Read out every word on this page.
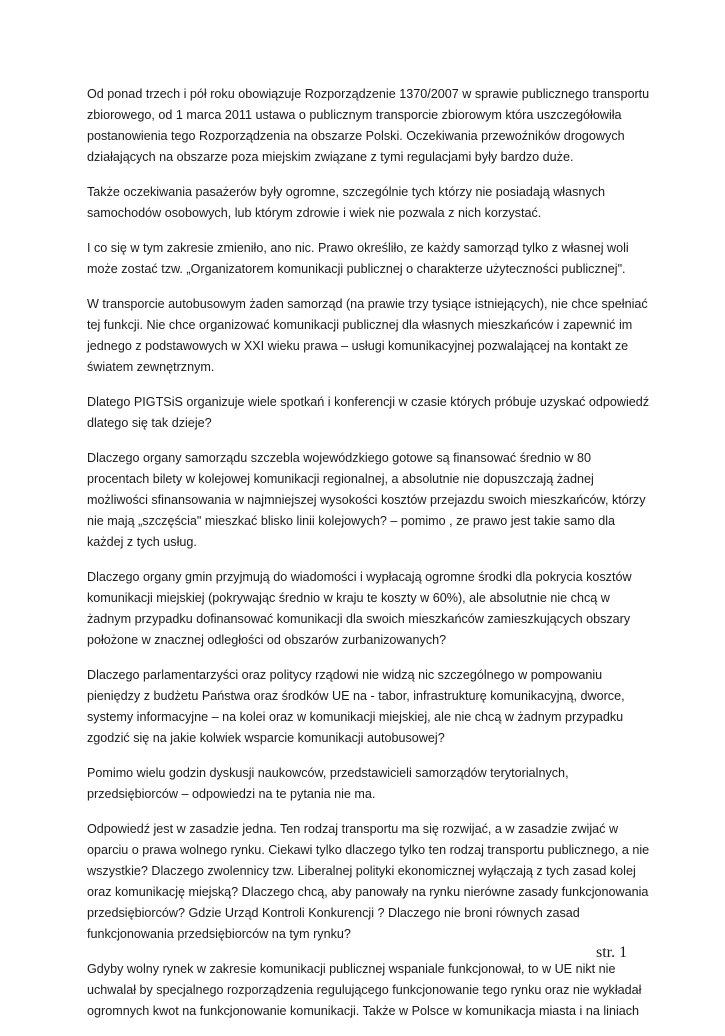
Od ponad trzech i pół roku obowiązuje Rozporządzenie 1370/2007 w sprawie publicznego transportu zbiorowego, od 1 marca 2011 ustawa o publicznym transporcie zbiorowym która uszczegółowiła postanowienia tego Rozporządzenia na obszarze Polski. Oczekiwania przewoźników drogowych działających na obszarze poza miejskim związane z tymi regulacjami były bardzo duże.

Także oczekiwania pasażerów były ogromne, szczególnie tych którzy nie posiadają własnych samochodów osobowych, lub którym zdrowie i wiek nie pozwala z nich korzystać.

I co się w tym zakresie zmieniło, ano nic. Prawo określiło, ze każdy samorząd tylko z własnej woli może zostać tzw. „Organizatorem komunikacji publicznej o charakterze użyteczności publicznej".

W transporcie autobusowym żaden samorząd (na prawie trzy tysiące istniejących), nie chce spełniać tej funkcji. Nie chce organizować komunikacji publicznej dla własnych mieszkańców i zapewnić im jednego z podstawowych w XXI wieku prawa – usługi komunikacyjnej pozwalającej na kontakt ze światem zewnętrznym.

Dlatego PIGTSiS organizuje wiele spotkań i konferencji w czasie których próbuje uzyskać odpowiedź dlatego się tak dzieje?

Dlaczego organy samorządu szczebla wojewódzkiego gotowe są finansować średnio w 80 procentach bilety w kolejowej komunikacji regionalnej, a absolutnie nie dopuszczają żadnej możliwości sfinansowania w najmniejszej wysokości kosztów przejazdu swoich mieszkańców, którzy nie mają „szczęścia" mieszkać blisko linii kolejowych? – pomimo , ze prawo jest takie samo dla każdej z tych usług.

Dlaczego organy gmin przyjmują do wiadomości i wypłacają ogromne środki dla pokrycia kosztów komunikacji miejskiej (pokrywając średnio w kraju te koszty w 60%), ale absolutnie nie chcą w żadnym przypadku dofinansować komunikacji dla swoich mieszkańców zamieszkujących obszary położone w znacznej odległości od obszarów zurbanizowanych?

Dlaczego parlamentarzyści oraz politycy rządowi nie widzą nic szczególnego w pompowaniu pieniędzy z budżetu Państwa oraz środków UE na - tabor, infrastrukturę komunikacyjną, dworce, systemy informacyjne – na kolei oraz w komunikacji miejskiej, ale nie chcą w żadnym przypadku zgodzić się na jakie kolwiek wsparcie komunikacji autobusowej?

Pomimo wielu godzin dyskusji naukowców, przedstawicieli samorządów terytorialnych, przedsiębiorców – odpowiedzi na te pytania nie ma.

Odpowiedź jest w zasadzie jedna. Ten rodzaj transportu ma się rozwijać, a w zasadzie zwijać w oparciu o prawa wolnego rynku. Ciekawi tylko dlaczego tylko ten rodzaj transportu publicznego, a nie wszystkie? Dlaczego zwolennicy tzw. Liberalnej polityki ekonomicznej wyłączają z tych zasad kolej oraz komunikację miejską? Dlaczego chcą, aby panowały na rynku nierówne zasady funkcjonowania przedsiębiorców? Gdzie Urząd Kontroli Konkurencji ? Dlaczego nie broni równych zasad funkcjonowania przedsiębiorców na tym rynku?

Gdyby wolny rynek w zakresie komunikacji publicznej wspaniale funkcjonował, to w UE nikt nie uchwalał by specjalnego rozporządzenia regulującego funkcjonowanie tego rynku oraz nie wykładał ogromnych kwot na funkcjonowanie komunikacji. Także w Polsce w komunikacja miasta i na liniach

str. 1
